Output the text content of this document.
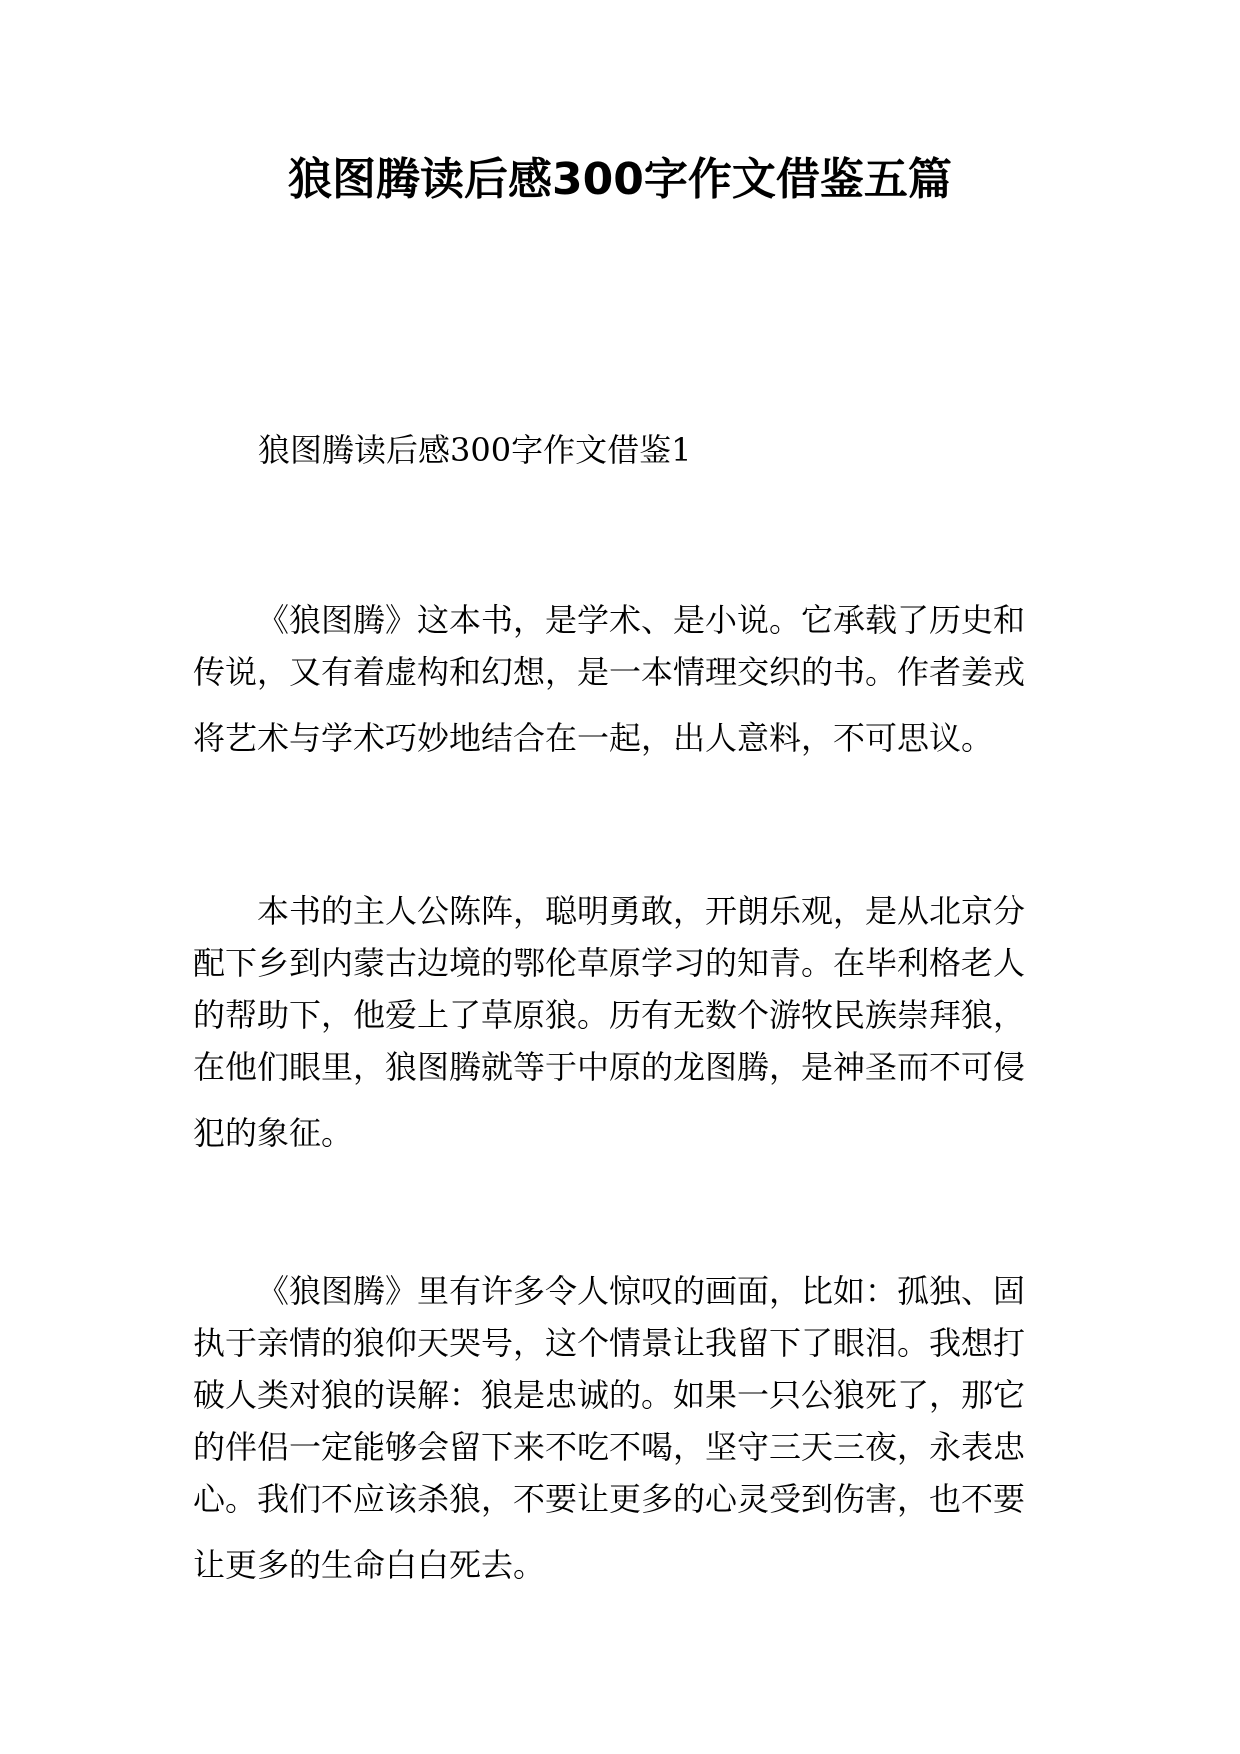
狼图腾读后感300字作文借鉴五篇

狼图腾读后感300字作文借鉴1

《狼图腾》这本书，是学术、是小说。它承载了历史和
传说，又有着虚构和幻想，是一本情理交织的书。作者姜戎
将艺术与学术巧妙地结合在一起，出人意料，不可思议。
本书的主人公陈阵，聪明勇敢，开朗乐观，是从北京分
配下乡到内蒙古边境的鄂伦草原学习的知青。在毕利格老人
的帮助下，他爱上了草原狼。历有无数个游牧民族崇拜狼，
在他们眼里，狼图腾就等于中原的龙图腾，是神圣而不可侵
犯的象征。
《狼图腾》里有许多令人惊叹的画面，比如：孤独、固
执于亲情的狼仰天哭号，这个情景让我留下了眼泪。我想打
破人类对狼的误解：狼是忠诚的。如果一只公狼死了，那它
的伴侣一定能够会留下来不吃不喝，坚守三天三夜，永表忠
心。我们不应该杀狼，不要让更多的心灵受到伤害，也不要
让更多的生命白白死去。
